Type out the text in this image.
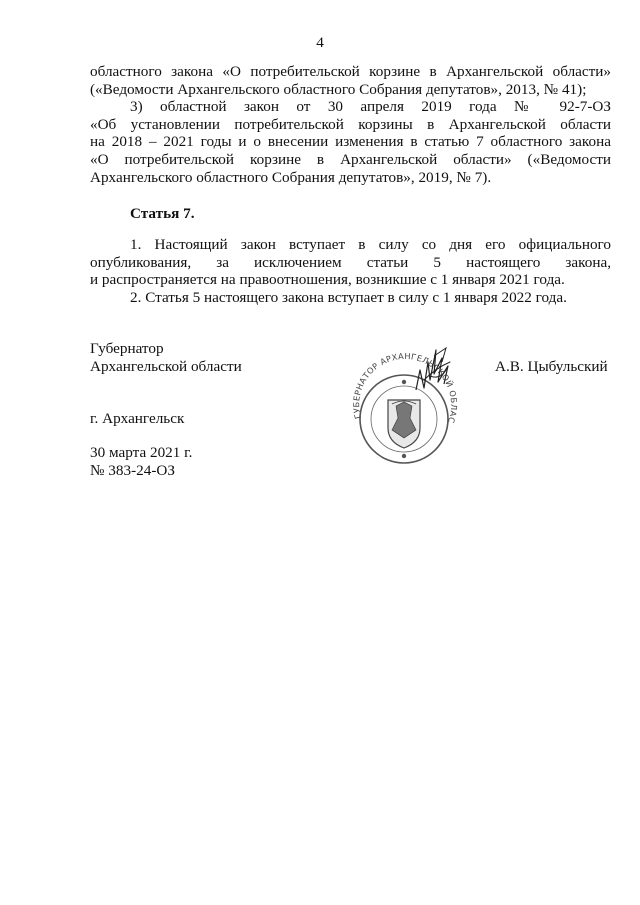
4
областного закона «О потребительской корзине в Архангельской области»
(«Ведомости Архангельского областного Собрания депутатов», 2013, № 41);
3) областной закон от 30 апреля 2019 года № 92-7-ОЗ
«Об установлении потребительской корзины в Архангельской области
на 2018 – 2021 годы и о внесении изменения в статью 7 областного закона
«О потребительской корзине в Архангельской области» («Ведомости
Архангельского областного Собрания депутатов», 2019, № 7).
Статья 7.
1. Настоящий закон вступает в силу со дня его официального
опубликования, за исключением статьи 5 настоящего закона,
и распространяется на правоотношения, возникшие с 1 января 2021 года.
2. Статья 5 настоящего закона вступает в силу с 1 января 2022 года.
Губернатор
Архангельской области	А.В. Цыбульский
ГУБЕРНАТОР АРХАНГЕЛЬСКОЙ ОБЛАС
г. Архангельск
30 марта 2021 г.
№ 383-24-ОЗ
